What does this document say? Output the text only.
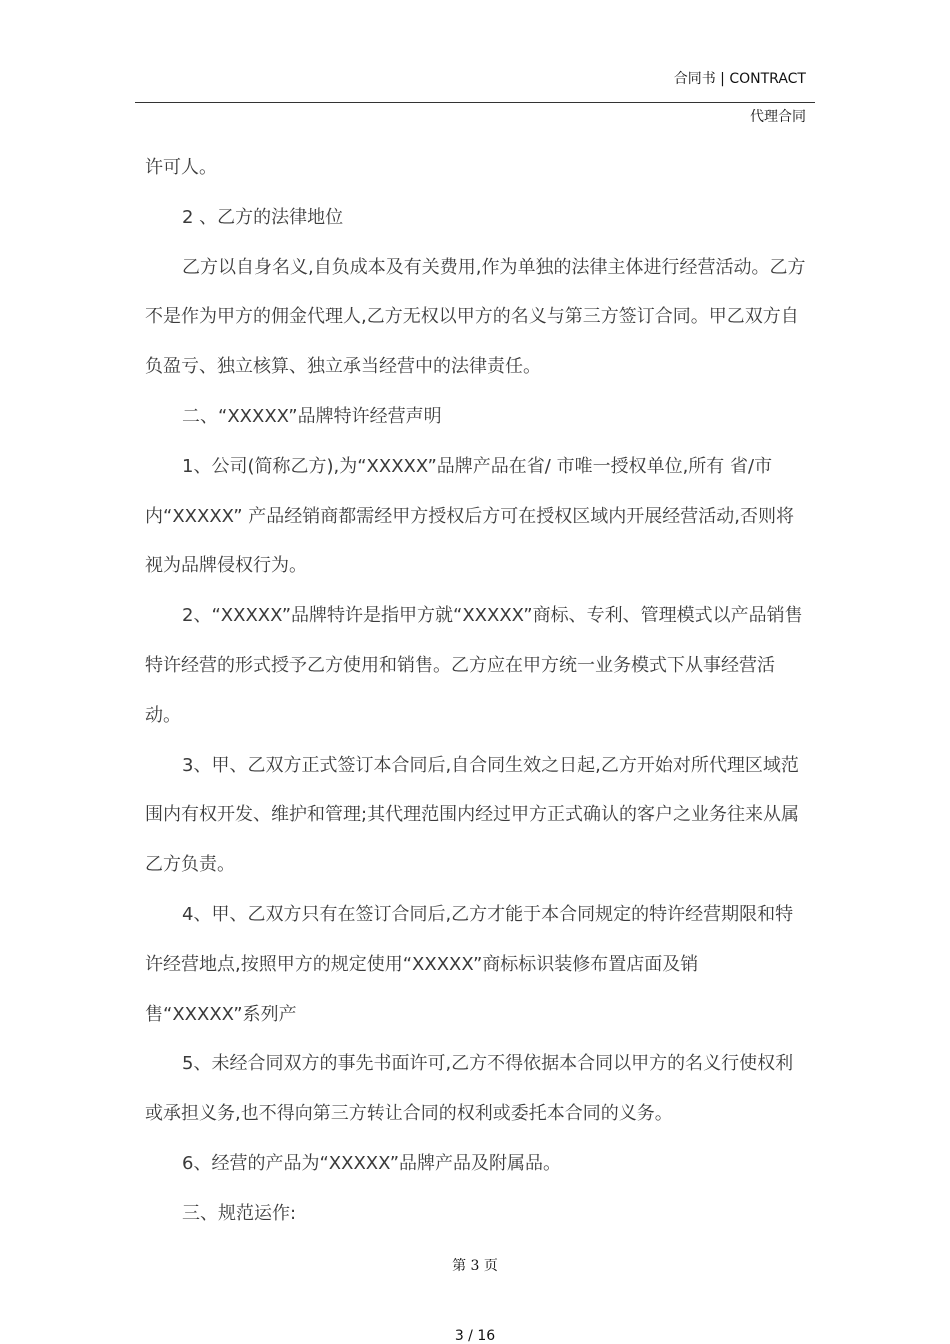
合同书 | CONTRACT
代理合同

许可人。

2 、乙方的法律地位

乙方以自身名义,自负成本及有关费用,作为单独的法律主体进行经营活动。乙方不是作为甲方的佣金代理人,乙方无权以甲方的名义与第三方签订合同。甲乙双方自负盈亏、独立核算、独立承当经营中的法律责任。

二、“XXXXX”品牌特许经营声明

1、公司(简称乙方),为“XXXXX”品牌产品在省/ 市唯一授权单位,所有 省/市内“XXXXX” 产品经销商都需经甲方授权后方可在授权区域内开展经营活动,否则将视为品牌侵权行为。

2、“XXXXX”品牌特许是指甲方就“XXXXX”商标、专利、管理模式以产品销售特许经营的形式授予乙方使用和销售。乙方应在甲方统一业务模式下从事经营活动。

3、甲、乙双方正式签订本合同后,自合同生效之日起,乙方开始对所代理区域范围内有权开发、维护和管理;其代理范围内经过甲方正式确认的客户之业务往来从属乙方负责。

4、甲、乙双方只有在签订合同后,乙方才能于本合同规定的特许经营期限和特许经营地点,按照甲方的规定使用“XXXXX”商标标识装修布置店面及销售“XXXXX”系列产

5、未经合同双方的事先书面许可,乙方不得依据本合同以甲方的名义行使权利或承担义务,也不得向第三方转让合同的权利或委托本合同的义务。

6、经营的产品为“XXXXX”品牌产品及附属品。

三、规范运作:

第 3 页
3 / 16
